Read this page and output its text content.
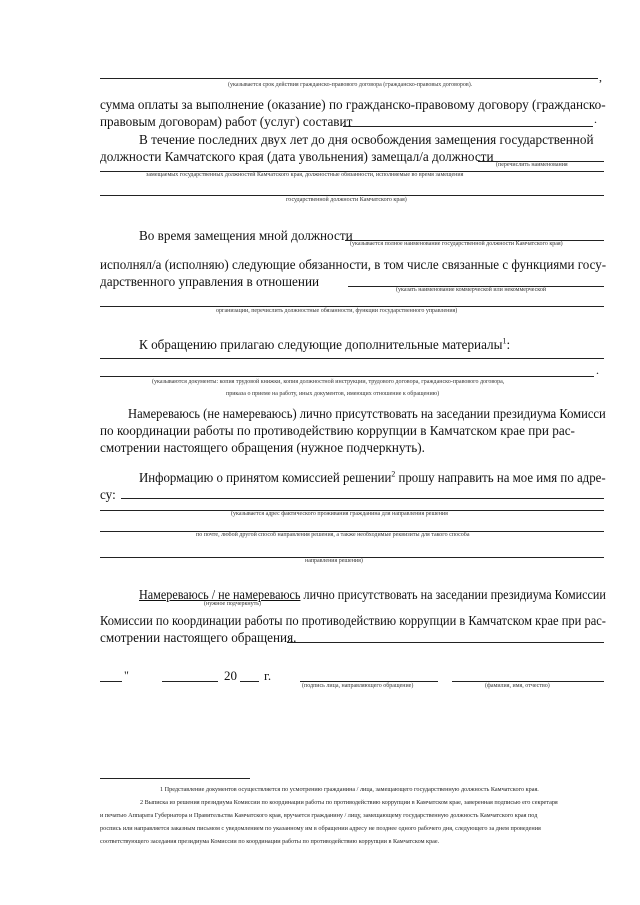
,
(указывается срок действия гражданско-правового договора (гражданско-правовых договоров).
сумма оплаты за выполнение (оказание) по гражданско-правовому договору (гражданско-
правовым договорам) работ (услуг) составит	.
В течение последних двух лет до дня освобождения замещения государственной
должности Камчатского края (дата увольнения) замещал/а должности
(перечислить наименования
замещаемых государственных должностей Камчатского края, должностные обязанности, исполняемые во время замещения
государственной должности Камчатского края)
Во время замещения мной должности
(указывается полное наименование государственной должности Камчатского края)
исполнял/а (исполняю) следующие обязанности, в том числе связанные с функциями госу-
дарственного управления в отношении
(указать наименование коммерческой или некоммерческой
организации, перечислить должностные обязанности, функции государственного управления)
К обращению прилагаю следующие дополнительные материалы$^1$:
.
(указываются документы: копия трудовой книжки, копия должностной инструкции, трудового договора, гражданско-правового договора,
приказа о приеме на работу, иных документов, имеющих отношение к обращению)
Намереваюсь (не намереваюсь) лично присутствовать на заседании президиума Комисси
по координации работы по противодействию коррупции в Камчатском крае при рас-
смотрении настоящего обращения (нужное подчеркнуть).
Информацию о принятом комиссией решении$^2$ прошу направить на мое имя по адре-
су:
(указывается адрес фактического проживания гражданина для направления решения
по почте, любой другой способ направления решения, а также необходимые реквизиты для такого способа
направления решения)
Намереваюсь / не намереваюсь лично присутствовать на заседании президиума Комиссии
(нужное подчеркнуть)
Комиссии по координации работы по противодействию коррупции в Камчатском крае при рас-
смотрении настоящего обращения.
"	20 г.
(подпись лица, направляющего обращение)	(фамилия, имя, отчество)
1 Представление документов осуществляется по усмотрению гражданина / лица, замещающего государственную должность Камчатского края.
2 Выписка из решения президиума Комиссии по координации работы по противодействию коррупции в Камчатском крае, заверенная подписью его секретаря
и печатью Аппарата Губернатора и Правительства Камчатского края, вручается гражданину / лицу, замещающему государственную должность Камчатского края под
роспись или направляется заказным письмом с уведомлением по указанному им в обращении адресу не позднее одного рабочего дня, следующего за днем проведения
соответствующего заседания президиума Комиссии по координации работы по противодействию коррупции в Камчатском крае.
